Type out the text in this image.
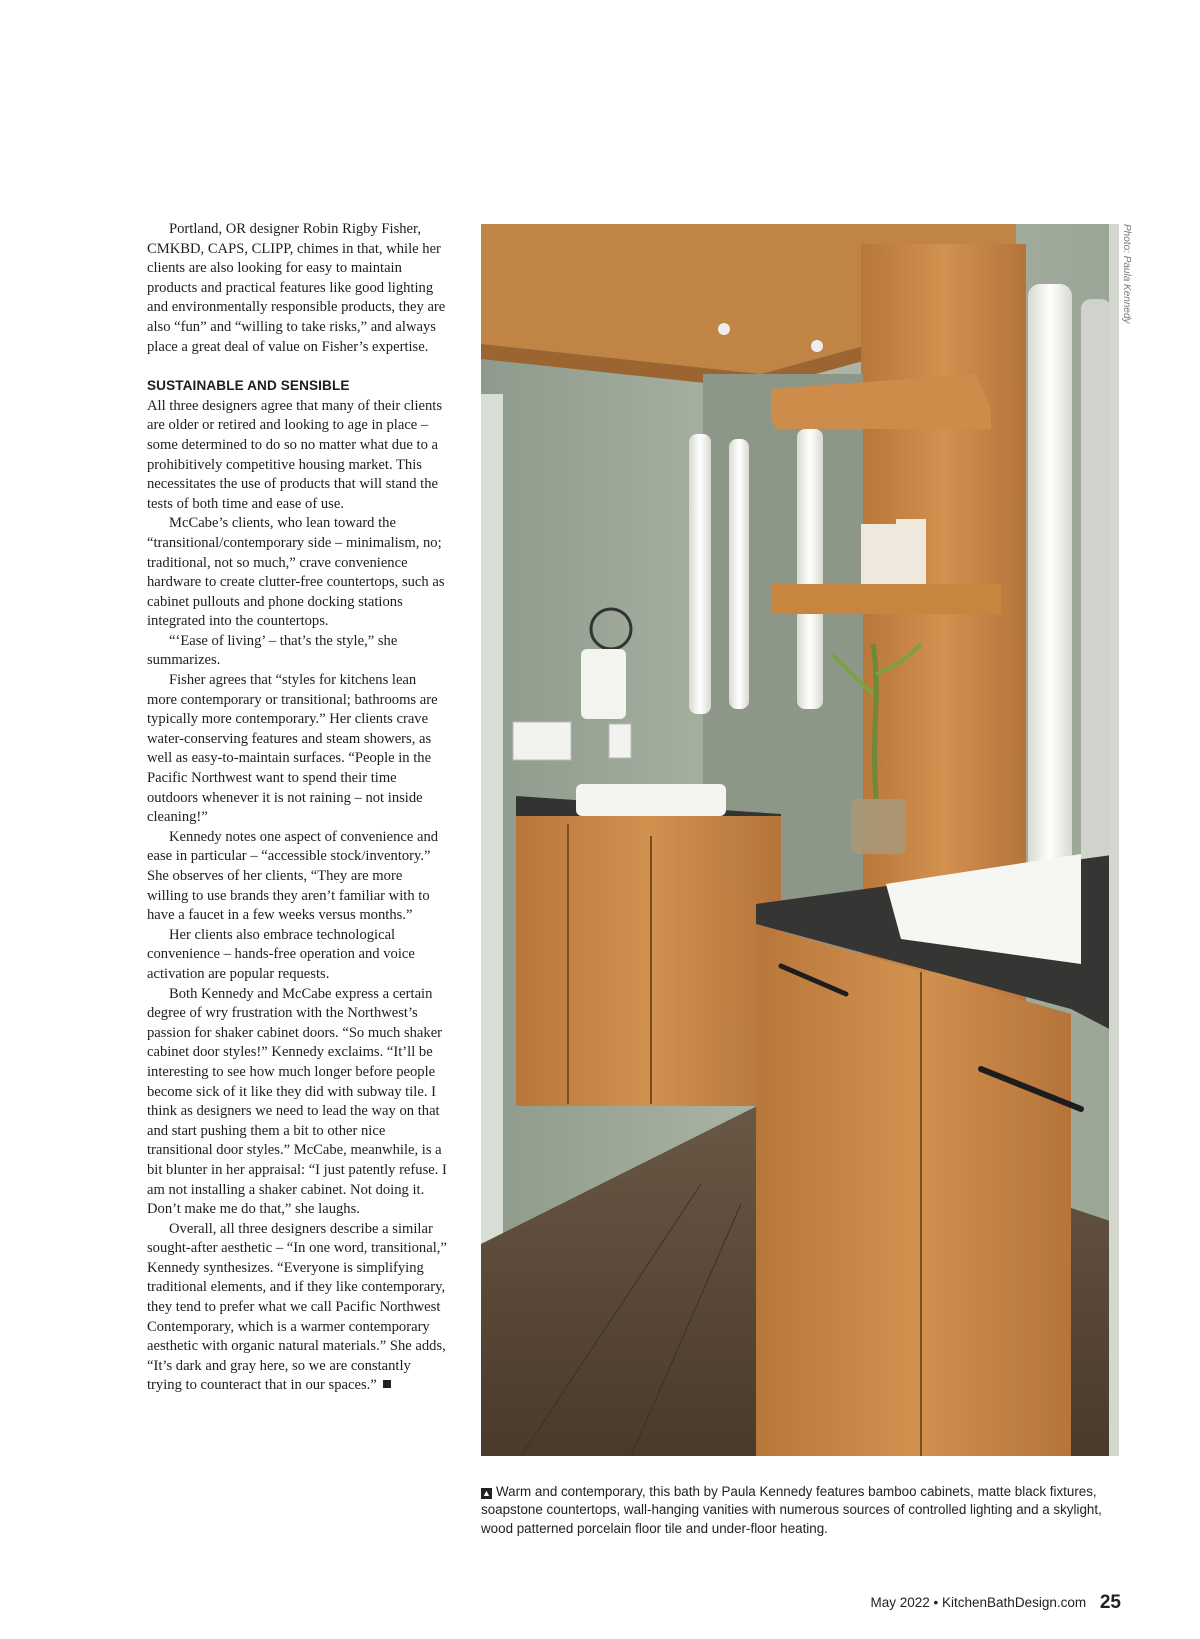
Portland, OR designer Robin Rigby Fisher, CMKBD, CAPS, CLIPP, chimes in that, while her clients are also looking for easy to maintain products and practical features like good lighting and environmentally responsible products, they are also “fun” and “willing to take risks,” and always place a great deal of value on Fisher’s expertise.

SUSTAINABLE AND SENSIBLE

All three designers agree that many of their clients are older or retired and looking to age in place – some determined to do so no matter what due to a prohibitively competitive housing market. This necessitates the use of products that will stand the tests of both time and ease of use.

McCabe’s clients, who lean toward the “transitional/contemporary side – minimalism, no; traditional, not so much,” crave convenience hardware to create clutter-free countertops, such as cabinet pullouts and phone docking stations integrated into the countertops.

“‘Ease of living’ – that’s the style,” she summarizes.

Fisher agrees that “styles for kitchens lean more contemporary or transitional; bathrooms are typically more contemporary.” Her clients crave water-conserving features and steam showers, as well as easy-to-maintain surfaces. “People in the Pacific Northwest want to spend their time outdoors whenever it is not raining – not inside cleaning!”

Kennedy notes one aspect of convenience and ease in particular – “accessible stock/inventory.” She observes of her clients, “They are more willing to use brands they aren’t familiar with to have a faucet in a few weeks versus months.”

Her clients also embrace technological convenience – hands-free operation and voice activation are popular requests.

Both Kennedy and McCabe express a certain degree of wry frustration with the Northwest’s passion for shaker cabinet doors. “So much shaker cabinet door styles!” Kennedy exclaims. “It’ll be interesting to see how much longer before people become sick of it like they did with subway tile. I think as designers we need to lead the way on that and start pushing them a bit to other nice transitional door styles.” McCabe, meanwhile, is a bit blunter in her appraisal: “I just patently refuse. I am not installing a shaker cabinet. Not doing it. Don’t make me do that,” she laughs.

Overall, all three designers describe a similar sought-after aesthetic – “In one word, transitional,” Kennedy synthesizes. “Everyone is simplifying traditional elements, and if they like contemporary, they tend to prefer what we call Pacific Northwest Contemporary, which is a warmer contemporary aesthetic with organic natural materials.” She adds, “It’s dark and gray here, so we are constantly trying to counteract that in our spaces.”

Photo: Paula Kennedy
▲ Warm and contemporary, this bath by Paula Kennedy features bamboo cabinets, matte black fixtures, soapstone countertops, wall-hanging vanities with numerous sources of controlled lighting and a skylight, wood patterned porcelain floor tile and under-floor heating.
May 2022 • KitchenBathDesign.com 25
